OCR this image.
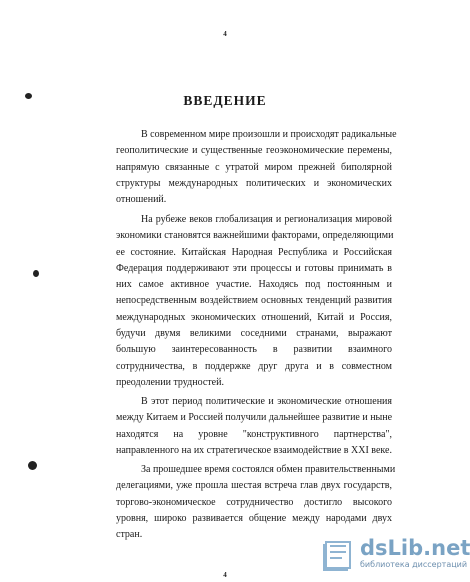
4
ВВЕДЕНИЕ
В современном мире произошли и происходят радикальные
геополитические и существенные геоэкономические перемены,
напрямую связанные с утратой миром прежней биполярной
структуры международных политических и экономических
отношений.
На рубеже веков глобализация и регионализация мировой
экономики становятся важнейшими факторами, определяющими
ее состояние. Китайская Народная Республика и Российская
Федерация поддерживают эти процессы и готовы принимать в
них самое активное участие. Находясь под постоянным и
непосредственным воздействием основных тенденций развития
международных экономических отношений, Китай и Россия,
будучи двумя великими соседними странами, выражают
большую заинтересованность в развитии взаимного
сотрудничества, в поддержке друг друга и в совместном
преодолении трудностей.
В этот период политические и экономические отношения
между Китаем и Россией получили дальнейшее развитие и ныне
находятся на уровне "конструктивного партнерства",
направленного на их стратегическое взаимодействие в XXI веке.
За прошедшее время состоялся обмен правительственными
делегациями, уже прошла шестая встреча глав двух государств,
торгово-экономическое сотрудничество достигло высокого
уровня, широко развивается общение между народами двух
стран.
4
dsLib.net
библиотека диссертаций
